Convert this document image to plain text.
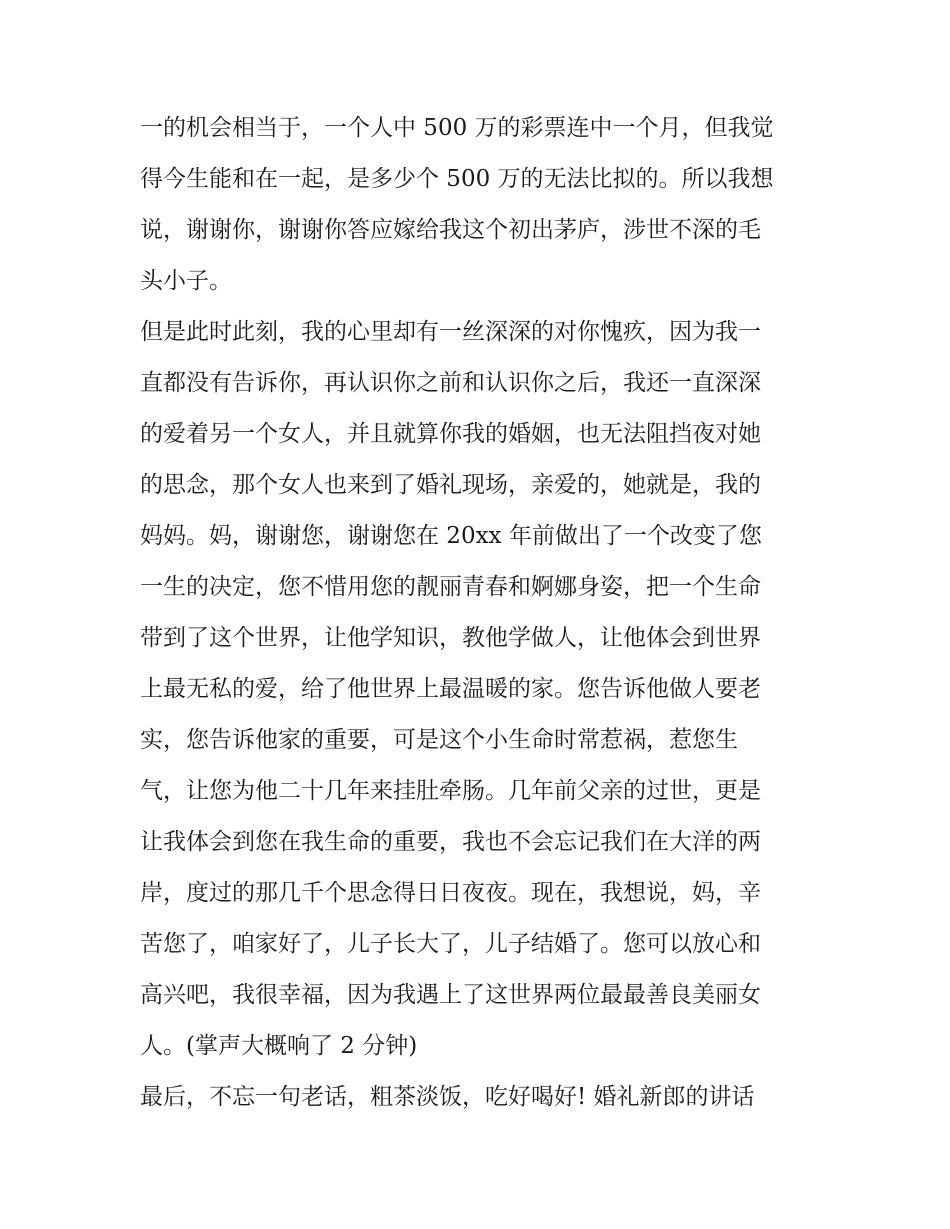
一的机会相当于，一个人中 500 万的彩票连中一个月，但我觉
得今生能和在一起，是多少个 500 万的无法比拟的。所以我想
说，谢谢你，谢谢你答应嫁给我这个初出茅庐，涉世不深的毛
头小子。
但是此时此刻，我的心里却有一丝深深的对你愧疚，因为我一
直都没有告诉你，再认识你之前和认识你之后，我还一直深深
的爱着另一个女人，并且就算你我的婚姻，也无法阻挡夜对她
的思念，那个女人也来到了婚礼现场，亲爱的，她就是，我的
妈妈。妈，谢谢您，谢谢您在 20xx 年前做出了一个改变了您
一生的决定，您不惜用您的靓丽青春和婀娜身姿，把一个生命
带到了这个世界，让他学知识，教他学做人，让他体会到世界
上最无私的爱，给了他世界上最温暖的家。您告诉他做人要老
实，您告诉他家的重要，可是这个小生命时常惹祸，惹您生
气，让您为他二十几年来挂肚牵肠。几年前父亲的过世，更是
让我体会到您在我生命的重要，我也不会忘记我们在大洋的两
岸，度过的那几千个思念得日日夜夜。现在，我想说，妈，辛
苦您了，咱家好了，儿子长大了，儿子结婚了。您可以放心和
高兴吧，我很幸福，因为我遇上了这世界两位最最善良美丽女
人。(掌声大概响了 2 分钟)
最后，不忘一句老话，粗茶淡饭，吃好喝好! 婚礼新郎的讲话
